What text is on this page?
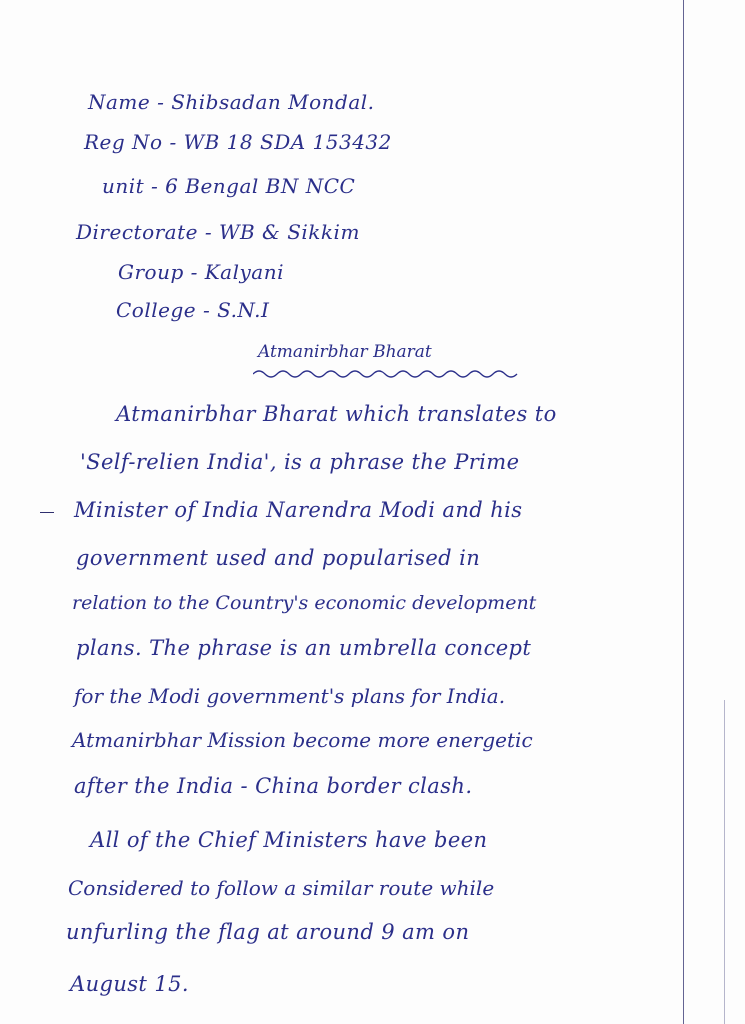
Name - Shibsadan Mondal.
Reg No - WB 18 SDA 153432
unit - 6 Bengal BN NCC
Directorate - WB & Sikkim
Group - Kalyani
College - S.N.I
Atmanirbhar Bharat
Atmanirbhar Bharat which translates to
'Self-relien India', is a phrase the Prime
Minister of India Narendra Modi and his
government used and popularised in
relation to the Country's economic development
plans. The phrase is an umbrella concept
for the Modi government's plans for India.
Atmanirbhar Mission become more energetic
after the India - China border clash.
All of the Chief Ministers have been
Considered to follow a similar route while
unfurling the flag at around 9 am on
August 15.
